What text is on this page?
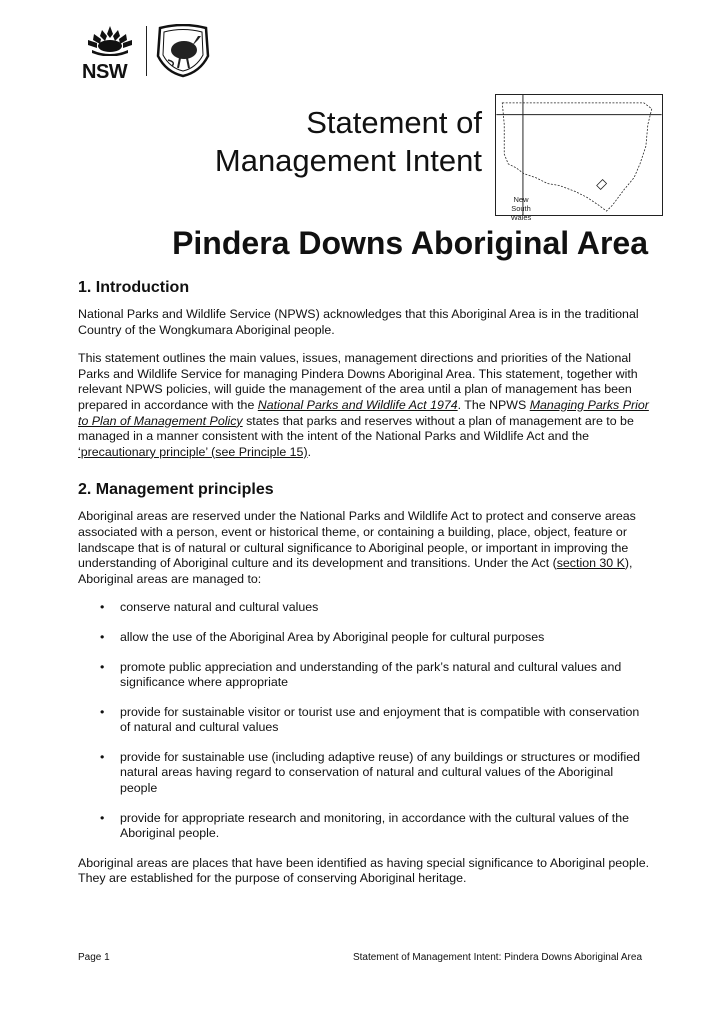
NSW
Statement of
Management Intent
New South Wales
Pindera Downs Aboriginal Area
1. Introduction

National Parks and Wildlife Service (NPWS) acknowledges that this Aboriginal Area is in the traditional Country of the Wongkumara Aboriginal people.

This statement outlines the main values, issues, management directions and priorities of the National Parks and Wildlife Service for managing Pindera Downs Aboriginal Area. This statement, together with relevant NPWS policies, will guide the management of the area until a plan of management has been prepared in accordance with the National Parks and Wildlife Act 1974. The NPWS Managing Parks Prior to Plan of Management Policy states that parks and reserves without a plan of management are to be managed in a manner consistent with the intent of the National Parks and Wildlife Act and the ‘precautionary principle’ (see Principle 15).

2. Management principles

Aboriginal areas are reserved under the National Parks and Wildlife Act to protect and conserve areas associated with a person, event or historical theme, or containing a building, place, object, feature or landscape that is of natural or cultural significance to Aboriginal people, or important in improving the understanding of Aboriginal culture and its development and transitions. Under the Act (section 30 K), Aboriginal areas are managed to:

• conserve natural and cultural values
• allow the use of the Aboriginal Area by Aboriginal people for cultural purposes
• promote public appreciation and understanding of the park’s natural and cultural values and significance where appropriate
• provide for sustainable visitor or tourist use and enjoyment that is compatible with conservation of natural and cultural values
• provide for sustainable use (including adaptive reuse) of any buildings or structures or modified natural areas having regard to conservation of natural and cultural values of the Aboriginal people
• provide for appropriate research and monitoring, in accordance with the cultural values of the Aboriginal people.

Aboriginal areas are places that have been identified as having special significance to Aboriginal people. They are established for the purpose of conserving Aboriginal heritage.

Page 1	Statement of Management Intent: Pindera Downs Aboriginal Area
